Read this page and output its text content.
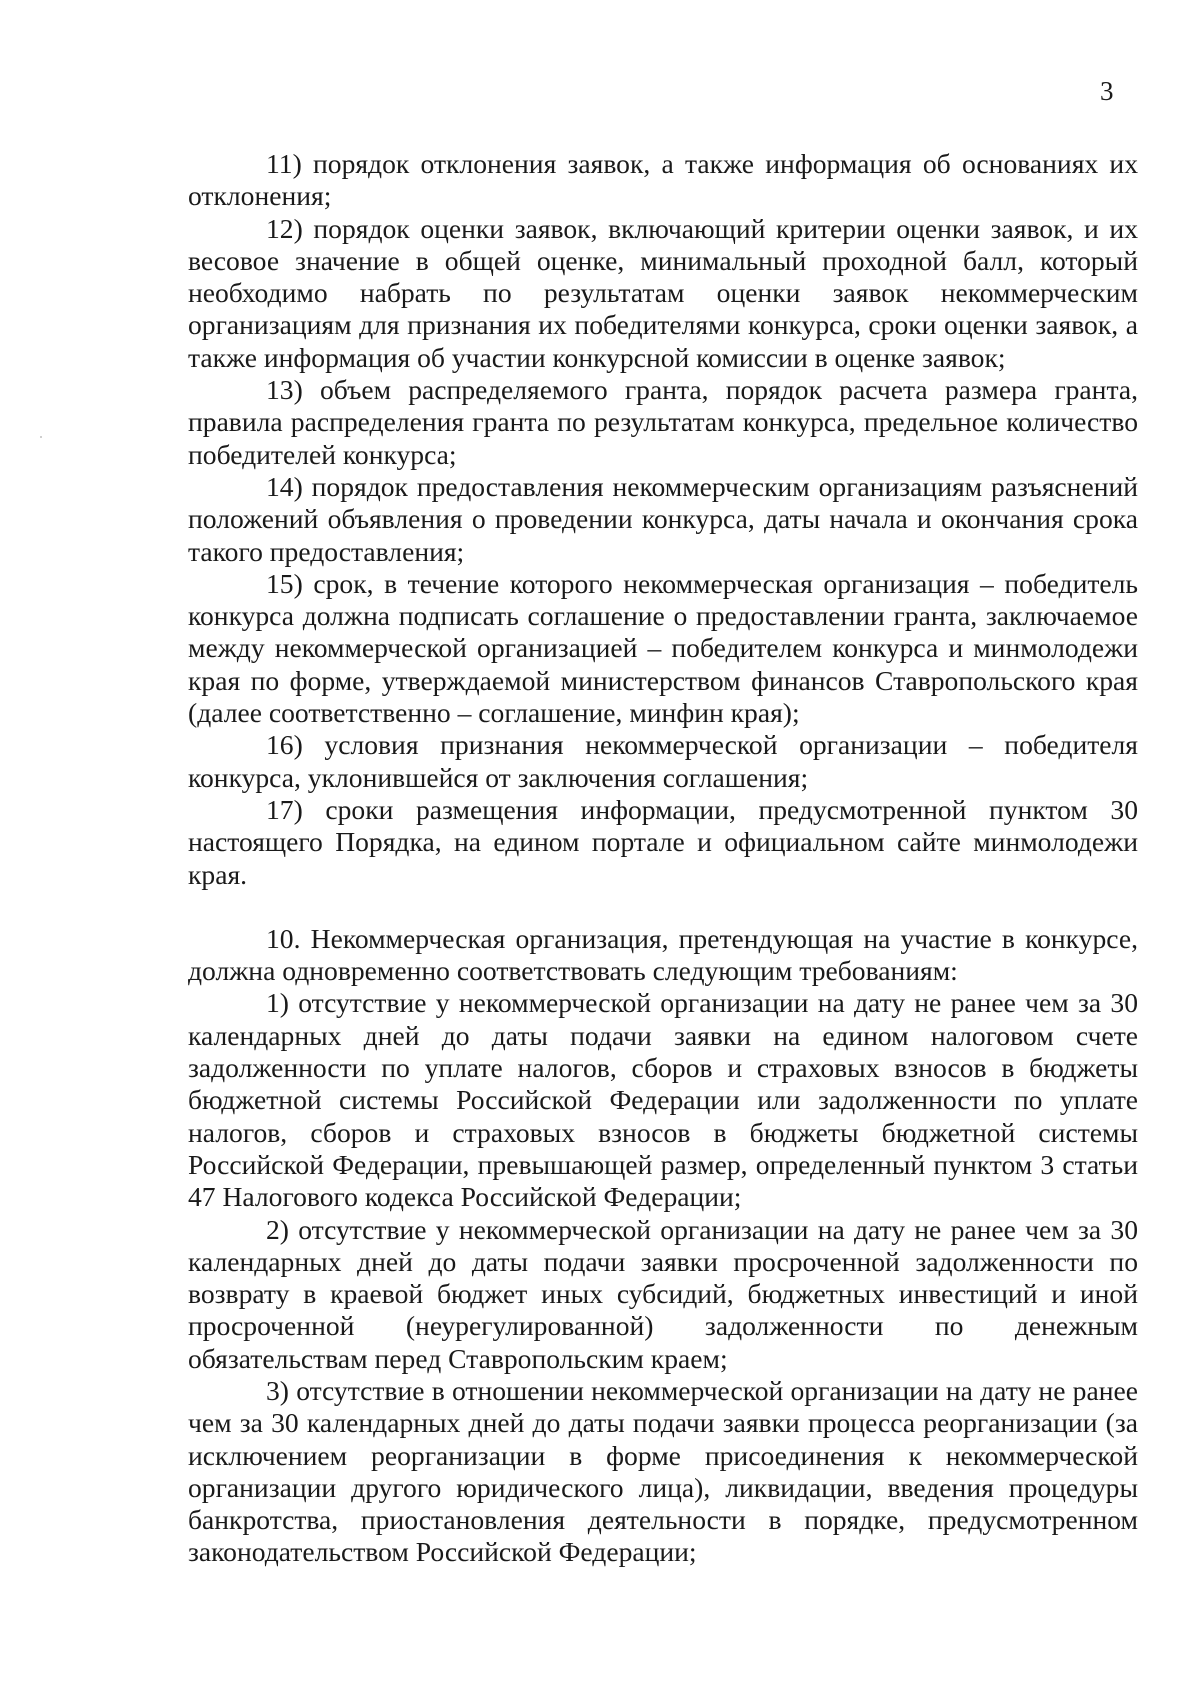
3

11) порядок отклонения заявок, а также информация об основаниях их отклонения;

12) порядок оценки заявок, включающий критерии оценки заявок, и их весовое значение в общей оценке, минимальный проходной балл, который необходимо набрать по результатам оценки заявок некоммерческим организациям для признания их победителями конкурса, сроки оценки заявок, а также информация об участии конкурсной комиссии в оценке заявок;

13) объем распределяемого гранта, порядок расчета размера гранта, правила распределения гранта по результатам конкурса, предельное количество победителей конкурса;

14) порядок предоставления некоммерческим организациям разъяснений положений объявления о проведении конкурса, даты начала и окончания срока такого предоставления;

15) срок, в течение которого некоммерческая организация – победитель конкурса должна подписать соглашение о предоставлении гранта, заключаемое между некоммерческой организацией – победителем конкурса и минмолодежи края по форме, утверждаемой министерством финансов Ставропольского края (далее соответственно – соглашение, минфин края);

16) условия признания некоммерческой организации – победителя конкурса, уклонившейся от заключения соглашения;

17) сроки размещения информации, предусмотренной пунктом 30 настоящего Порядка, на едином портале и официальном сайте минмолодежи края.

10. Некоммерческая организация, претендующая на участие в конкурсе, должна одновременно соответствовать следующим требованиям:

1) отсутствие у некоммерческой организации на дату не ранее чем за 30 календарных дней до даты подачи заявки на едином налоговом счете задолженности по уплате налогов, сборов и страховых взносов в бюджеты бюджетной системы Российской Федерации или задолженности по уплате налогов, сборов и страховых взносов в бюджеты бюджетной системы Российской Федерации, превышающей размер, определенный пунктом 3 статьи 47 Налогового кодекса Российской Федерации;

2) отсутствие у некоммерческой организации на дату не ранее чем за 30 календарных дней до даты подачи заявки просроченной задолженности по возврату в краевой бюджет иных субсидий, бюджетных инвестиций и иной просроченной (неурегулированной) задолженности по денежным обязательствам перед Ставропольским краем;

3) отсутствие в отношении некоммерческой организации на дату не ранее чем за 30 календарных дней до даты подачи заявки процесса реорганизации (за исключением реорганизации в форме присоединения к некоммерческой организации другого юридического лица), ликвидации, введения процедуры банкротства, приостановления деятельности в порядке, предусмотренном законодательством Российской Федерации;
